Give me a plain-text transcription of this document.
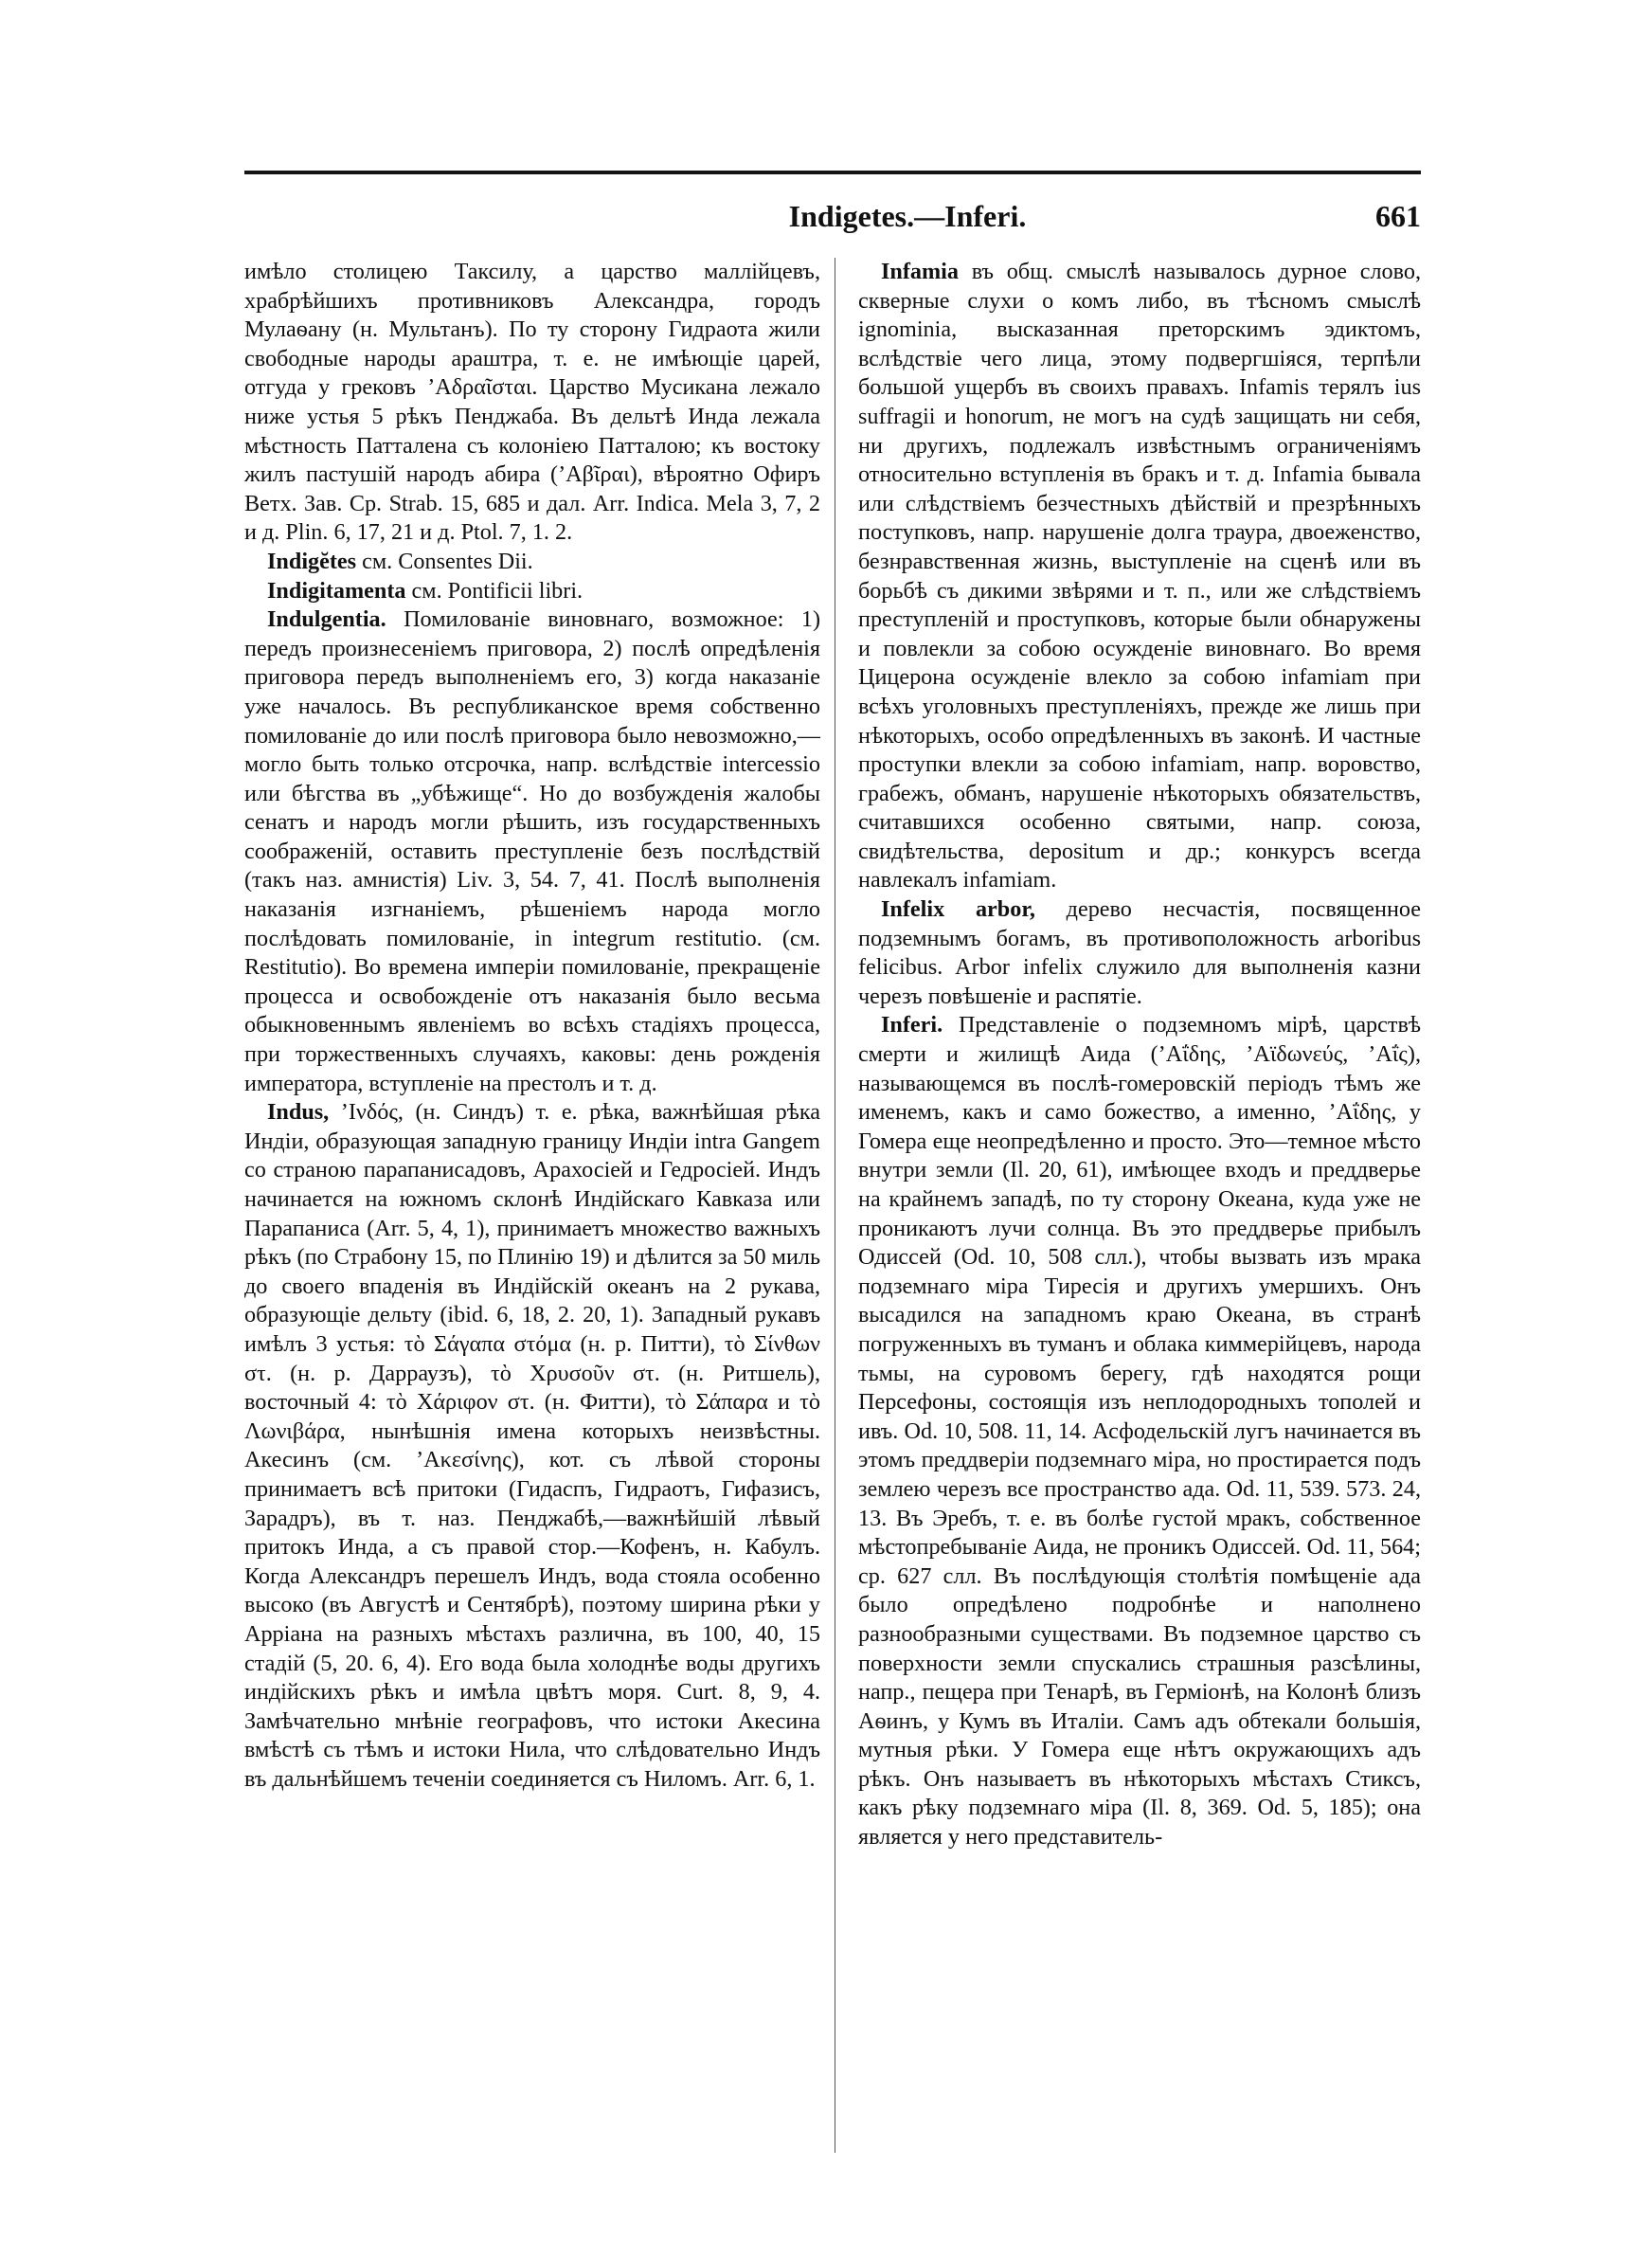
Indigetes.—Inferi.	661

имѣло столицею Таксилу, а царство маллійцевъ, храбрѣйшихъ противниковъ Александра, городъ Мулаѳану (н. Мультанъ). По ту сторону Гидраота жили свободные народы араштра, т. е. не имѣющіе царей, отгуда у грековъ ʼΑδραῖσται. Царство Мусикана лежало ниже устья 5 рѣкъ Пенджаба. Въ дельтѣ Инда лежала мѣстность Патталена съ колоніею Патталою; къ востоку жилъ пастушій народъ абира (ʼΑβῖραι), вѣроятно Офиръ Ветх. Зав. Ср. Strab. 15, 685 и дал. Arr. Indica. Mela 3, 7, 2 и д. Plin. 6, 17, 21 и д. Ptol. 7, 1. 2.

Indigĕtes см. Consentes Dii.

Indigitamenta см. Pontificii libri.

Indulgentia. Помилованіе виновнаго, возможное: 1) передъ произнесеніемъ приговора, 2) послѣ опредѣленія приговора передъ выполненіемъ его, 3) когда наказаніе уже началось. Въ республиканское время собственно помилованіе до или послѣ приговора было невозможно,—могло быть только отсрочка, напр. вслѣдствіе intercessio или бѣгства въ „убѣжище“. Но до возбужденія жалобы сенатъ и народъ могли рѣшить, изъ государственныхъ соображеній, оставить преступленіе безъ послѣдствій (такъ наз. амнистія) Liv. 3, 54. 7, 41. Послѣ выполненія наказанія изгнаніемъ, рѣшеніемъ народа могло послѣдовать помилованіе, in integrum restitutio. (см. Restitutio). Во времена имперіи помилованіе, прекращеніе процесса и освобожденіе отъ наказанія было весьма обыкновеннымъ явленіемъ во всѣхъ стадіяхъ процесса, при торжественныхъ случаяхъ, каковы: день рожденія императора, вступленіе на престолъ и т. д.

Indus, ʼΙνδός, (н. Синдъ) т. е. рѣка, важнѣйшая рѣка Индіи, образующая западную границу Индіи intra Gangem со страною парапанисадовъ, Арахосіей и Гедросіей. Индъ начинается на южномъ склонѣ Индійскаго Кавказа или Парапаниса (Arr. 5, 4, 1), принимаетъ множество важныхъ рѣкъ (по Страбону 15, по Плинію 19) и дѣлится за 50 миль до своего впаденія въ Индійскій океанъ на 2 рукава, образующіе дельту (ibid. 6, 18, 2. 20, 1). Западный рукавъ имѣлъ 3 устья: τὸ Σάγαπα στόμα (н. р. Питти), τὸ Σίνθων στ. (н. р. Дарраузъ), τὸ Χρυσοῦν στ. (н. Ритшель), восточный 4: τὸ Χάριφον στ. (н. Фитти), τὸ Σάπαρα и τὸ Λωνιβάρα, нынѣшнія имена которыхъ неизвѣстны. Акесинъ (см. ʼΑκεσίνης), кот. съ лѣвой стороны принимаетъ всѣ притоки (Гидаспъ, Гидраотъ, Гифазисъ, Зарадръ), въ т. наз. Пенджабѣ,—важнѣйшій лѣвый притокъ Инда, а съ правой стор.—Кофенъ, н. Кабулъ. Когда Александръ перешелъ Индъ, вода стояла особенно высоко (въ Августѣ и Сентябрѣ), поэтому ширина рѣки у Арріана на разныхъ мѣстахъ различна, въ 100, 40, 15 стадій (5, 20. 6, 4). Его вода была холоднѣе воды другихъ индійскихъ рѣкъ и имѣла цвѣтъ моря. Curt. 8, 9, 4. Замѣчательно мнѣніе географовъ, что истоки Акесина вмѣстѣ съ тѣмъ и истоки Нила, что слѣдовательно Индъ въ дальнѣйшемъ теченіи соединяется съ Ниломъ. Arr. 6, 1.

Infamia въ общ. смыслѣ называлось дурное слово, скверные слухи о комъ либо, въ тѣсномъ смыслѣ ignominia, высказанная преторскимъ эдиктомъ, вслѣдствіе чего лица, этому подвергшіяся, терпѣли большой ущербъ въ своихъ правахъ. Infamis терялъ ius suffragii и honorum, не могъ на судѣ защищать ни себя, ни другихъ, подлежалъ извѣстнымъ ограниченіямъ относительно вступленія въ бракъ и т. д. Infamia бывала или слѣдствіемъ безчестныхъ дѣйствій и презрѣнныхъ поступковъ, напр. нарушеніе долга траура, двоеженство, безнравственная жизнь, выступленіе на сценѣ или въ борьбѣ съ дикими звѣрями и т. п., или же слѣдствіемъ преступленій и проступковъ, которые были обнаружены и повлекли за собою осужденіе виновнаго. Во время Цицерона осужденіе влекло за собою infamiam при всѣхъ уголовныхъ преступленіяхъ, прежде же лишь при нѣкоторыхъ, особо опредѣленныхъ въ законѣ. И частные проступки влекли за собою infamiam, напр. воровство, грабежъ, обманъ, нарушеніе нѣкоторыхъ обязательствъ, считавшихся особенно святыми, напр. союза, свидѣтельства, depositum и др.; конкурсъ всегда навлекалъ infamiam.

Infelix arbor, дерево несчастія, посвященное подземнымъ богамъ, въ противоположность arboribus felicibus. Arbor infelix служило для выполненія казни черезъ повѣшеніе и распятіе.

Inferi. Представленіе о подземномъ мірѣ, царствѣ смерти и жилищѣ Аида (ʼΑΐδης, ʼΑϊδωνεύς, ʼΑΐς), называющемся въ послѣ-гомеровскій періодъ тѣмъ же именемъ, какъ и само божество, а именно, ʼΑΐδης, у Гомера еще неопредѣленно и просто. Это—темное мѣсто внутри земли (Il. 20, 61), имѣющее входъ и преддверье на крайнемъ западѣ, по ту сторону Океана, куда уже не проникаютъ лучи солнца. Въ это преддверье прибылъ Одиссей (Od. 10, 508 слл.), чтобы вызвать изъ мрака подземнаго міра Тиресія и другихъ умершихъ. Онъ высадился на западномъ краю Океана, въ странѣ погруженныхъ въ туманъ и облака киммерійцевъ, народа тьмы, на суровомъ берегу, гдѣ находятся рощи Персефоны, состоящія изъ неплодородныхъ тополей и ивъ. Od. 10, 508. 11, 14. Асфодельскій лугъ начинается въ этомъ преддверіи подземнаго міра, но простирается подъ землею черезъ все пространство ада. Od. 11, 539. 573. 24, 13. Въ Эребъ, т. е. въ болѣе густой мракъ, собственное мѣстопребываніе Аида, не проникъ Одиссей. Od. 11, 564; ср. 627 слл. Въ послѣдующія столѣтія помѣщеніе ада было опредѣлено подробнѣе и наполнено разнообразными существами. Въ подземное царство съ поверхности земли спускались страшныя разсѣлины, напр., пещера при Тенарѣ, въ Герміонѣ, на Колонѣ близъ Аѳинъ, у Кумъ въ Италіи. Самъ адъ обтекали большія, мутныя рѣки. У Гомера еще нѣтъ окружающихъ адъ рѣкъ. Онъ называетъ въ нѣкоторыхъ мѣстахъ Стиксъ, какъ рѣку подземнаго міра (Il. 8, 369. Od. 5, 185); она является у него представитель-
